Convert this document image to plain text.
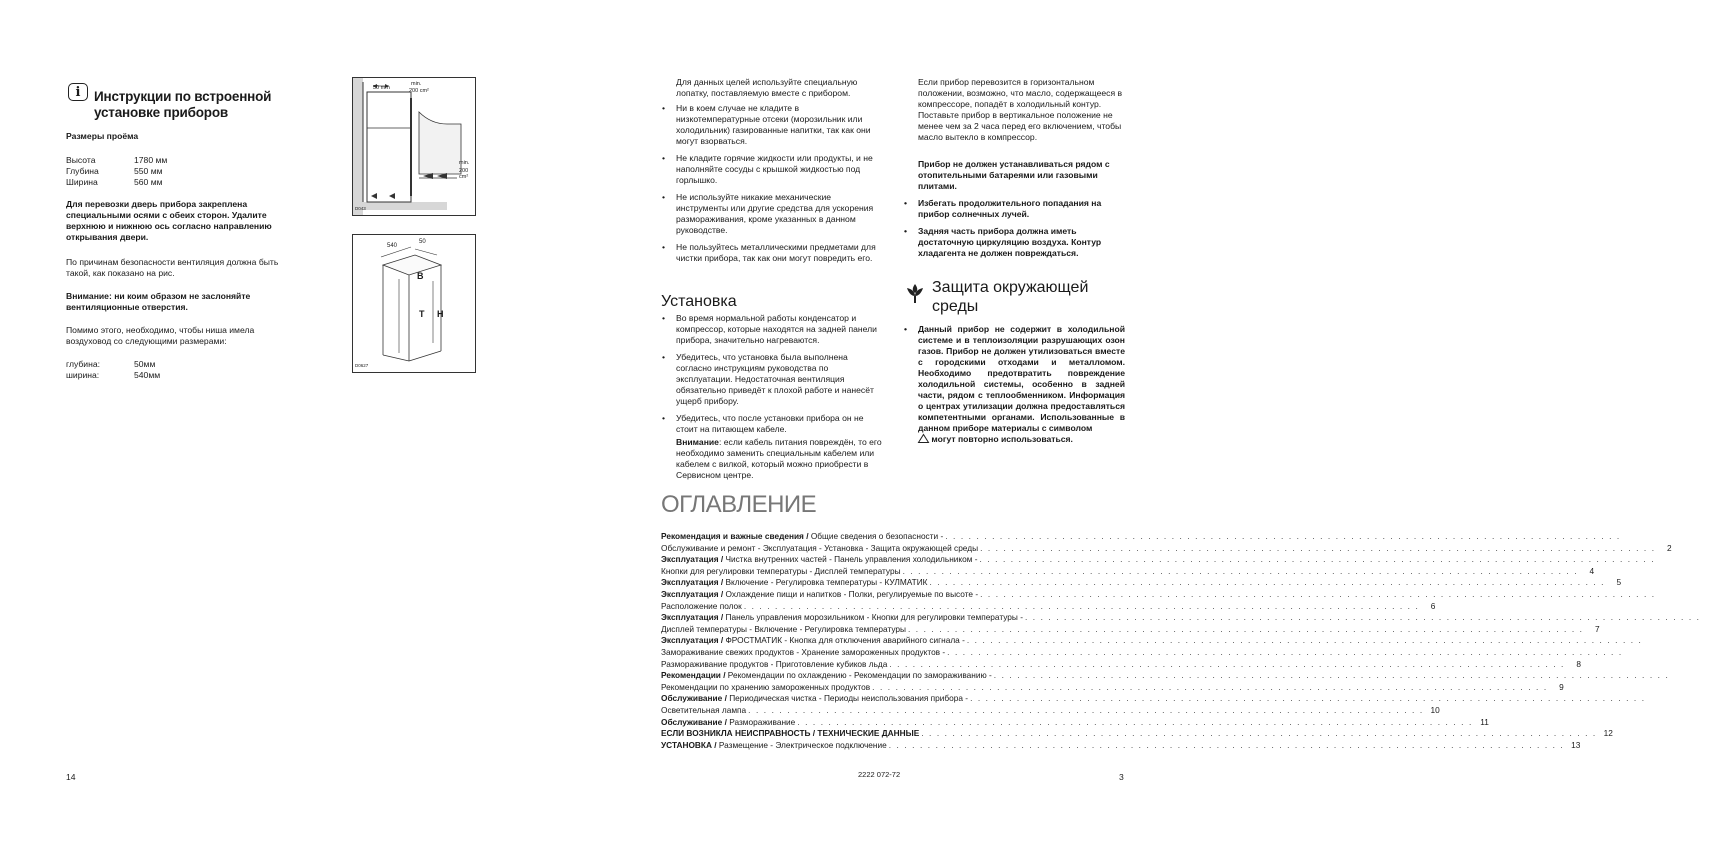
i	Инструкции по встроенной
установке приборов
Размеры проёма
Высота	1780 мм
Глубина	550 мм
Ширина	560 мм
Для перевозки дверь прибора закреплена специальными осями с обеих сторон. Удалите верхнюю и нижнюю ось согласно направлению открывания двери.
По причинам безопасности вентиляция должна быть такой, как показано на рис.
Внимание: ни коим образом не заслоняйте вентиляционные отверстия.
Помимо этого, необходимо, чтобы ниша имела воздуховод со следующими размерами:
глубина:	50мм
ширина:	540мм
14
50 mm
min.
200 cm²
min.
200 cm²
D043
540
50
B
T H
D0627
Для данных целей используйте специальную лопатку, поставляемую вместе с прибором.
• Ни в коем случае не кладите в низкотемпературные отсеки (морозильник или холодильник) газированные напитки, так как они могут взорваться.
• Не кладите горячие жидкости или продукты, и не наполняйте сосуды с крышкой жидкостью под горлышко.
• Не используйте никакие механические инструменты или другие средства для ускорения размораживания, кроме указанных в данном руководстве.
• Не пользуйтесь металлическими предметами для чистки прибора, так как они могут повредить его.
Установка
• Во время нормальной работы конденсатор и компрессор, которые находятся на задней панели прибора, значительно нагреваются.
• Убедитесь, что установка была выполнена согласно инструкциям руководства по эксплуатации. Недостаточная вентиляция обязательно приведёт к плохой работе и нанесёт ущерб прибору.
• Убедитесь, что после установки прибора он не стоит на питающем кабеле.
Внимание: если кабель питания повреждён, то его необходимо заменить специальным кабелем или кабелем с вилкой, который можно приобрести в Сервисном центре.
Если прибор перевозится в горизонтальном положении, возможно, что масло, содержащееся в компрессоре, попадёт в холодильный контур. Поставьте прибор в вертикальное положение не менее чем за 2 часа перед его включением, чтобы масло вытекло в компрессор.
Прибор не должен устанавливаться рядом с отопительными батареями или газовыми плитами.
• Избегать продолжительного попадания на прибор солнечных лучей.
• Задняя часть прибора должна иметь достаточную циркуляцию воздуха. Контур хладагента не должен повреждаться.
Защита окружающей
среды
• Данный прибор не содержит в холодильной системе и в теплоизоляции разрушающих озон газов. Прибор не должен утилизоваться вместе с городскими отходами и металломом. Необходимо предотвратить повреждение холодильной системы, особенно в задней части, рядом с теплообменником. Информация о центрах утилизации должна предоставляться компетентными органами. Использованные в данном приборе материалы с символом
могут повторно использоваться.
3
ОГЛАВЛЕНИЕ
Рекомендация и важные сведения / Общие сведения о безопасности - . . . . . . . . . . . . . . . . . . . . . . . . . . . . . . . . . . . . . . . . . . . . . . . . . . . . . . . . . . . . . . . . . . . . . . . . . . . . . . . . . . . . . . .
Обслуживание и ремонт - Эксплуатация - Установка - Защита окружающей среды . . . . . . . . . . . . . . . . . . . . . . . . . . . . . . . . . . . . . . . . . . . . . . . . . . . . . . . . . . . . . . . . . . . . . . . . . . . . . . . . . . . . . . .	2
Эксплуатация / Чистка внутренних частей - Панель управления холодильником - . . . . . . . . . . . . . . . . . . . . . . . . . . . . . . . . . . . . . . . . . . . . . . . . . . . . . . . . . . . . . . . . . . . . . . . . . . . . . . . . . . . . . . .
Кнопки для регулировки температуры - Дисплей температуры . . . . . . . . . . . . . . . . . . . . . . . . . . . . . . . . . . . . . . . . . . . . . . . . . . . . . . . . . . . . . . . . . . . . . . . . . . . . . . . . . . . . . . .	4
Эксплуатация / Включение - Регулировка температуры - КУЛМАТИК . . . . . . . . . . . . . . . . . . . . . . . . . . . . . . . . . . . . . . . . . . . . . . . . . . . . . . . . . . . . . . . . . . . . . . . . . . . . . . . . . . . . . . .	5
Эксплуатация / Охлаждение пищи и напитков - Полки, регулируемые по высоте - . . . . . . . . . . . . . . . . . . . . . . . . . . . . . . . . . . . . . . . . . . . . . . . . . . . . . . . . . . . . . . . . . . . . . . . . . . . . . . . . . . . . . . .
Расположение полок . . . . . . . . . . . . . . . . . . . . . . . . . . . . . . . . . . . . . . . . . . . . . . . . . . . . . . . . . . . . . . . . . . . . . . . . . . . . . . . . . . . . . . .	6
Эксплуатация / Панель управления морозильником - Кнопки для регулировки температуры - . . . . . . . . . . . . . . . . . . . . . . . . . . . . . . . . . . . . . . . . . . . . . . . . . . . . . . . . . . . . . . . . . . . . . . . . . . . . . . . . . . . . . . .
Дисплей температуры - Включение - Регулировка температуры . . . . . . . . . . . . . . . . . . . . . . . . . . . . . . . . . . . . . . . . . . . . . . . . . . . . . . . . . . . . . . . . . . . . . . . . . . . . . . . . . . . . . . .	7
Эксплуатация / ФРОСТМАТИК - Кнопка для отключения аварийного сигнала - . . . . . . . . . . . . . . . . . . . . . . . . . . . . . . . . . . . . . . . . . . . . . . . . . . . . . . . . . . . . . . . . . . . . . . . . . . . . . . . . . . . . . . .
Замораживание свежих продуктов - Хранение замороженных продуктов - . . . . . . . . . . . . . . . . . . . . . . . . . . . . . . . . . . . . . . . . . . . . . . . . . . . . . . . . . . . . . . . . . . . . . . . . . . . . . . . . . . . . . . .
Размораживание продуктов - Приготовление кубиков льда . . . . . . . . . . . . . . . . . . . . . . . . . . . . . . . . . . . . . . . . . . . . . . . . . . . . . . . . . . . . . . . . . . . . . . . . . . . . . . . . . . . . . . .	8
Рекомендации / Рекомендации по охлаждению - Рекомендации по замораживанию - . . . . . . . . . . . . . . . . . . . . . . . . . . . . . . . . . . . . . . . . . . . . . . . . . . . . . . . . . . . . . . . . . . . . . . . . . . . . . . . . . . . . . . .
Рекомендации по хранению замороженных продуктов . . . . . . . . . . . . . . . . . . . . . . . . . . . . . . . . . . . . . . . . . . . . . . . . . . . . . . . . . . . . . . . . . . . . . . . . . . . . . . . . . . . . . . .	9
Обслуживание / Периодическая чистка - Периоды неиспользования прибора - . . . . . . . . . . . . . . . . . . . . . . . . . . . . . . . . . . . . . . . . . . . . . . . . . . . . . . . . . . . . . . . . . . . . . . . . . . . . . . . . . . . . . . .
Осветительная лампа . . . . . . . . . . . . . . . . . . . . . . . . . . . . . . . . . . . . . . . . . . . . . . . . . . . . . . . . . . . . . . . . . . . . . . . . . . . . . . . . . . . . . . . 10
Обслуживание / Размораживание . . . . . . . . . . . . . . . . . . . . . . . . . . . . . . . . . . . . . . . . . . . . . . . . . . . . . . . . . . . . . . . . . . . . . . . . . . . . . . . . . . . . . . . 11
ЕСЛИ ВОЗНИКЛА НЕИСПРАВНОСТЬ / ТЕХНИЧЕСКИЕ ДАННЫЕ . . . . . . . . . . . . . . . . . . . . . . . . . . . . . . . . . . . . . . . . . . . . . . . . . . . . . . . . . . . . . . . . . . . . . . . . . . . . . . . . . . . . . . . 12
УСТАНОВКА / Размещение - Электрическое подключение . . . . . . . . . . . . . . . . . . . . . . . . . . . . . . . . . . . . . . . . . . . . . . . . . . . . . . . . . . . . . . . . . . . . . . . . . . . . . . . . . . . . . . . 13
2222 072-72
